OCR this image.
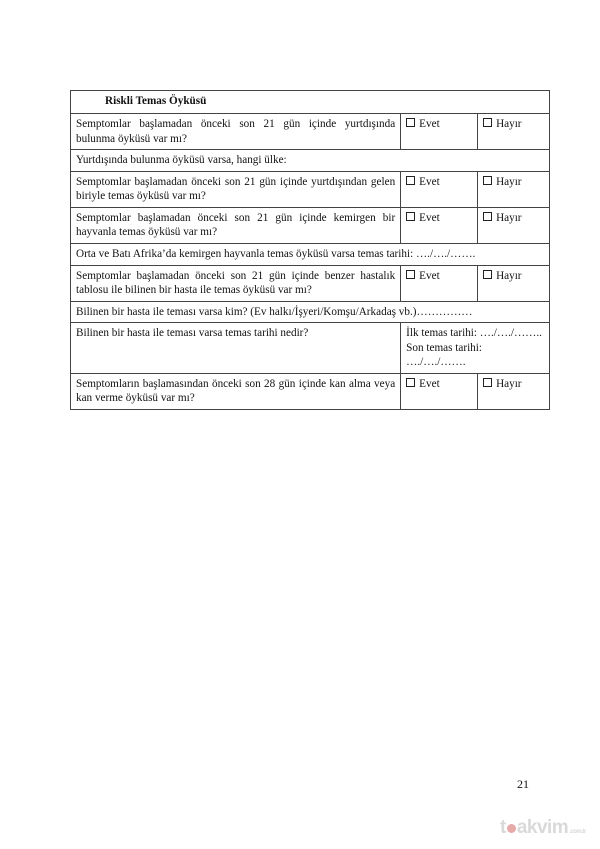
Riskli Temas Öyküsü		
Semptomlar başlamadan önceki son 21 gün içinde yurtdışında bulunma öyküsü var mı?	Evet	Hayır
Yurtdışında bulunma öyküsü varsa, hangi ülke:		
Semptomlar başlamadan önceki son 21 gün içinde yurtdışından gelen biriyle temas öyküsü var mı?	Evet	Hayır
Semptomlar başlamadan önceki son 21 gün içinde kemirgen bir hayvanla temas öyküsü var mı?	Evet	Hayır
Orta ve Batı Afrika’da kemirgen hayvanla temas öyküsü varsa temas tarihi: …./…./…….		
Semptomlar başlamadan önceki son 21 gün içinde benzer hastalık tablosu ile bilinen bir hasta ile temas öyküsü var mı?	Evet	Hayır
Bilinen bir hasta ile teması varsa kim? (Ev halkı/İşyeri/Komşu/Arkadaş vb.)……………		
Bilinen bir hasta ile teması varsa temas tarihi nedir?	İlk temas tarihi: …./…./……..
Son temas tarihi: …./…./…….	

Semptomların başlamasından önceki son 28 gün içinde kan alma veya kan verme öyküsü var mı?	Evet	Hayır
21
t akvim.com.tr
